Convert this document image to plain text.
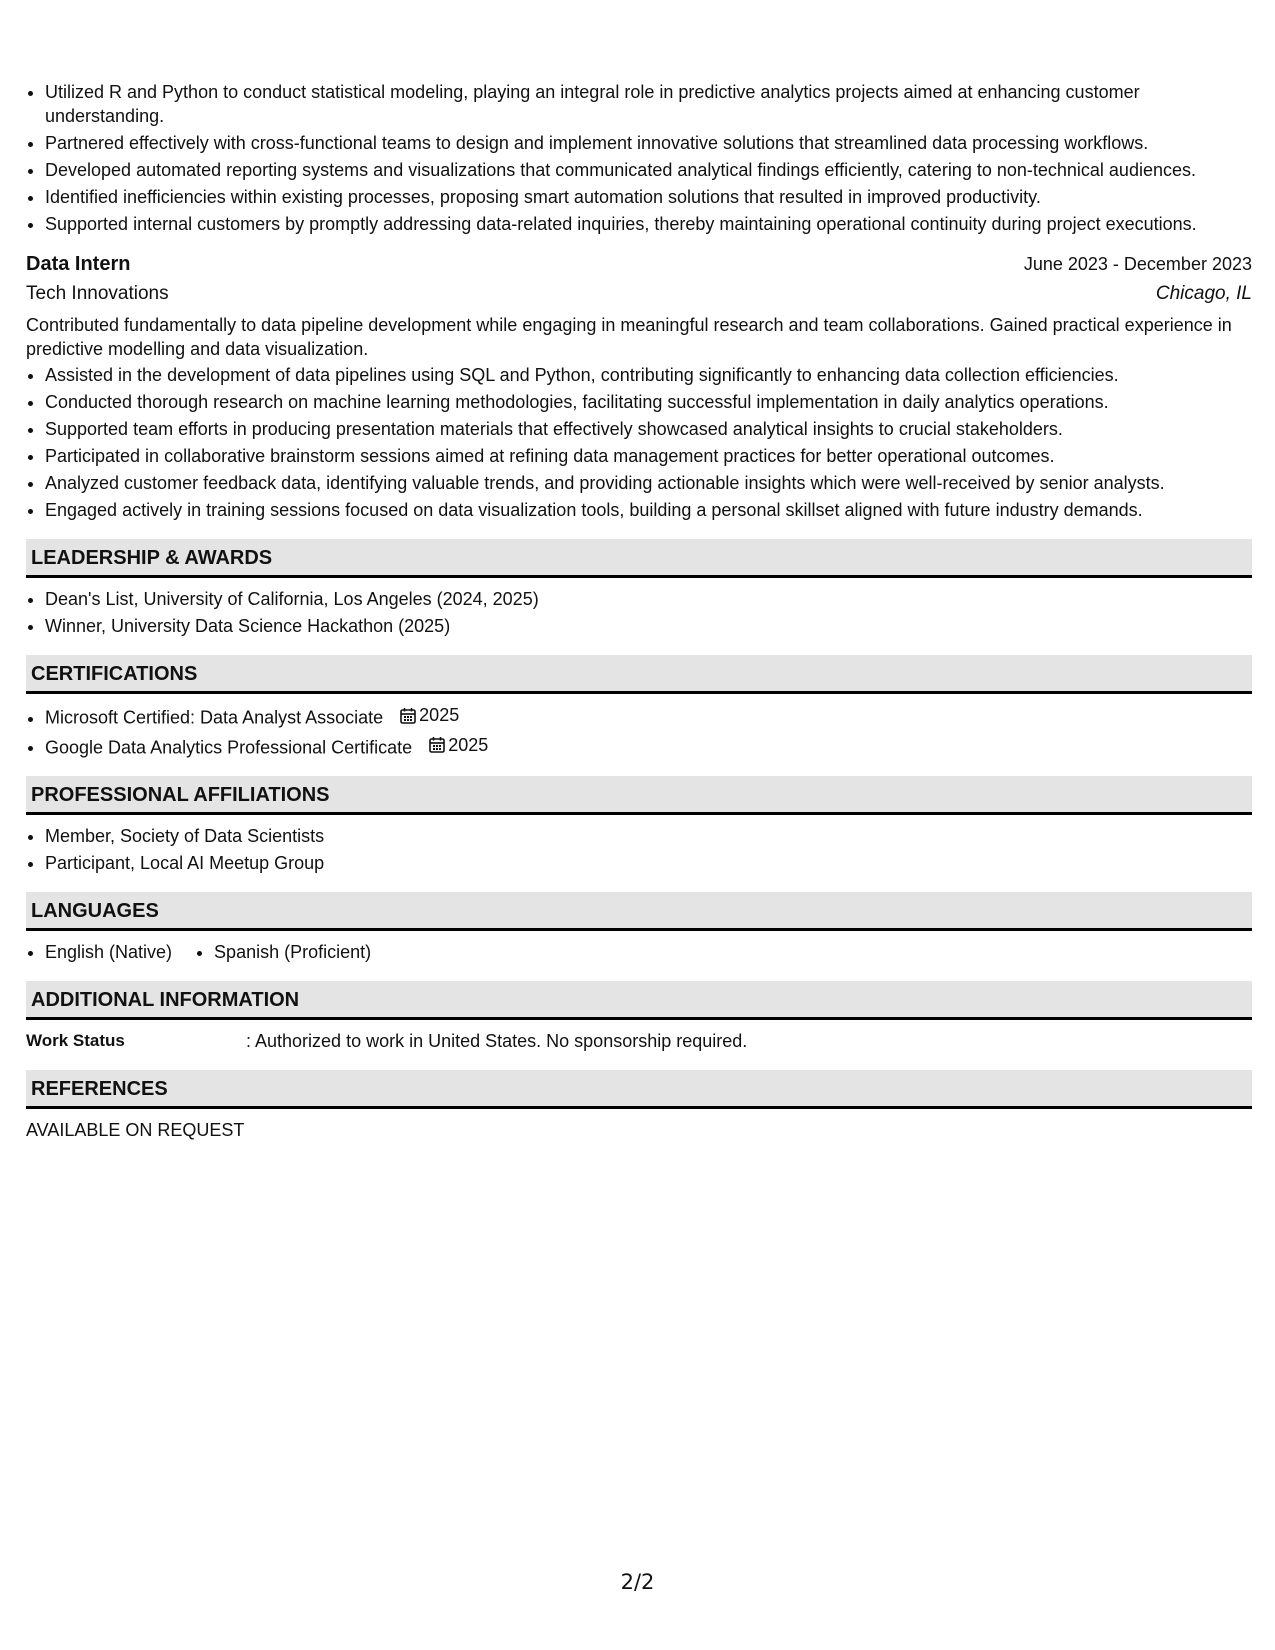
• Utilized R and Python to conduct statistical modeling, playing an integral role in predictive analytics projects aimed at enhancing customer understanding.
• Partnered effectively with cross-functional teams to design and implement innovative solutions that streamlined data processing workflows.
• Developed automated reporting systems and visualizations that communicated analytical findings efficiently, catering to non-technical audiences.
• Identified inefficiencies within existing processes, proposing smart automation solutions that resulted in improved productivity.
• Supported internal customers by promptly addressing data-related inquiries, thereby maintaining operational continuity during project executions.
Data Intern	June 2023 - December 2023
Tech Innovations	Chicago, IL

Contributed fundamentally to data pipeline development while engaging in meaningful research and team collaborations. Gained practical experience in predictive modelling and data visualization.

• Assisted in the development of data pipelines using SQL and Python, contributing significantly to enhancing data collection efficiencies.
• Conducted thorough research on machine learning methodologies, facilitating successful implementation in daily analytics operations.
• Supported team efforts in producing presentation materials that effectively showcased analytical insights to crucial stakeholders.
• Participated in collaborative brainstorm sessions aimed at refining data management practices for better operational outcomes.
• Analyzed customer feedback data, identifying valuable trends, and providing actionable insights which were well-received by senior analysts.
• Engaged actively in training sessions focused on data visualization tools, building a personal skillset aligned with future industry demands.
LEADERSHIP & AWARDS
• Dean's List, University of California, Los Angeles (2024, 2025)
• Winner, University Data Science Hackathon (2025)
CERTIFICATIONS
• Microsoft Certified: Data Analyst Associate 2025
• Google Data Analytics Professional Certificate 2025
PROFESSIONAL AFFILIATIONS
• Member, Society of Data Scientists
• Participant, Local AI Meetup Group
LANGUAGES
• English (Native)
• Spanish (Proficient)
ADDITIONAL INFORMATION
Work Status	: Authorized to work in United States. No sponsorship required.
REFERENCES

AVAILABLE ON REQUEST

2/2
